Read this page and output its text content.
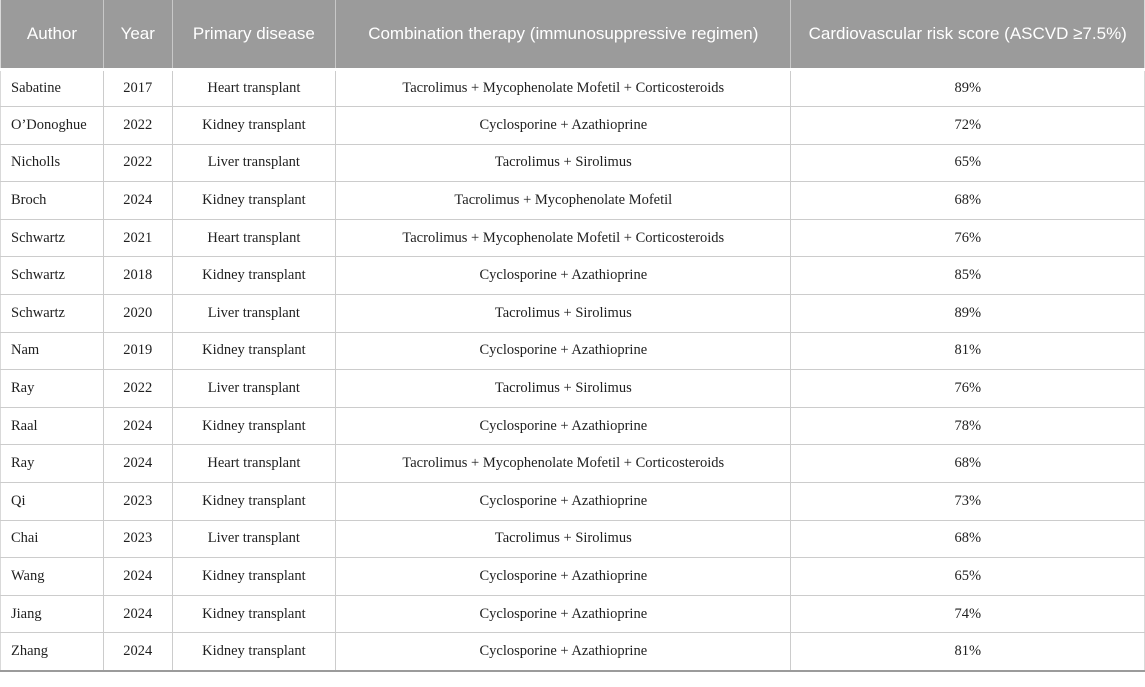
Author	Year	Primary disease	Combination therapy (immunosuppressive regimen)	Cardiovascular risk score (ASCVD ≥7.5%)
Sabatine	2017	Heart transplant	Tacrolimus + Mycophenolate Mofetil + Corticosteroids	89%
O’Donoghue	2022	Kidney transplant	Cyclosporine + Azathioprine	72%
Nicholls	2022	Liver transplant	Tacrolimus + Sirolimus	65%
Broch	2024	Kidney transplant	Tacrolimus + Mycophenolate Mofetil	68%
Schwartz	2021	Heart transplant	Tacrolimus + Mycophenolate Mofetil + Corticosteroids	76%
Schwartz	2018	Kidney transplant	Cyclosporine + Azathioprine	85%
Schwartz	2020	Liver transplant	Tacrolimus + Sirolimus	89%
Nam	2019	Kidney transplant	Cyclosporine + Azathioprine	81%
Ray	2022	Liver transplant	Tacrolimus + Sirolimus	76%
Raal	2024	Kidney transplant	Cyclosporine + Azathioprine	78%
Ray	2024	Heart transplant	Tacrolimus + Mycophenolate Mofetil + Corticosteroids	68%
Qi	2023	Kidney transplant	Cyclosporine + Azathioprine	73%
Chai	2023	Liver transplant	Tacrolimus + Sirolimus	68%
Wang	2024	Kidney transplant	Cyclosporine + Azathioprine	65%
Jiang	2024	Kidney transplant	Cyclosporine + Azathioprine	74%
Zhang	2024	Kidney transplant	Cyclosporine + Azathioprine	81%
